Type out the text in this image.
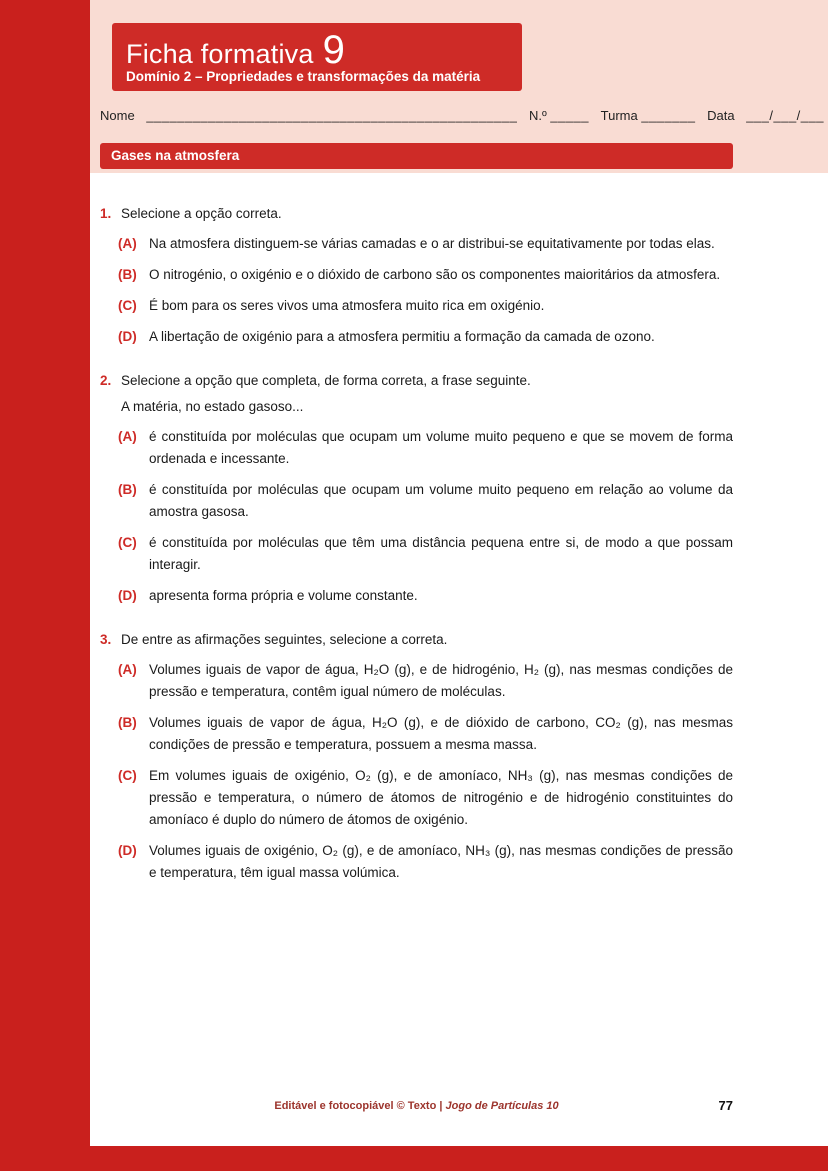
Ficha formativa 9
Domínio 2 – Propriedades e transformações da matéria
Nome ________________________________________________ N.º _____ Turma _______ Data ___/___/___
Gases na atmosfera
1. Selecione a opção correta.
(A) Na atmosfera distinguem-se várias camadas e o ar distribui-se equitativamente por todas elas.
(B) O nitrogénio, o oxigénio e o dióxido de carbono são os componentes maioritários da atmosfera.
(C) É bom para os seres vivos uma atmosfera muito rica em oxigénio.
(D) A libertação de oxigénio para a atmosfera permitiu a formação da camada de ozono.
2. Selecione a opção que completa, de forma correta, a frase seguinte.
A matéria, no estado gasoso...
(A) é constituída por moléculas que ocupam um volume muito pequeno e que se movem de forma ordenada e incessante.
(B) é constituída por moléculas que ocupam um volume muito pequeno em relação ao volume da amostra gasosa.
(C) é constituída por moléculas que têm uma distância pequena entre si, de modo a que possam interagir.
(D) apresenta forma própria e volume constante.
3. De entre as afirmações seguintes, selecione a correta.
(A) Volumes iguais de vapor de água, H₂O (g), e de hidrogénio, H₂ (g), nas mesmas condições de pressão e temperatura, contêm igual número de moléculas.
(B) Volumes iguais de vapor de água, H₂O (g), e de dióxido de carbono, CO₂ (g), nas mesmas condições de pressão e temperatura, possuem a mesma massa.
(C) Em volumes iguais de oxigénio, O₂ (g), e de amoníaco, NH₃ (g), nas mesmas condições de pressão e temperatura, o número de átomos de nitrogénio e de hidrogénio constituintes do amoníaco é duplo do número de átomos de oxigénio.
(D) Volumes iguais de oxigénio, O₂ (g), e de amoníaco, NH₃ (g), nas mesmas condições de pressão e temperatura, têm igual massa volúmica.
Editável e fotocopiável © Texto | Jogo de Partículas 10	77
